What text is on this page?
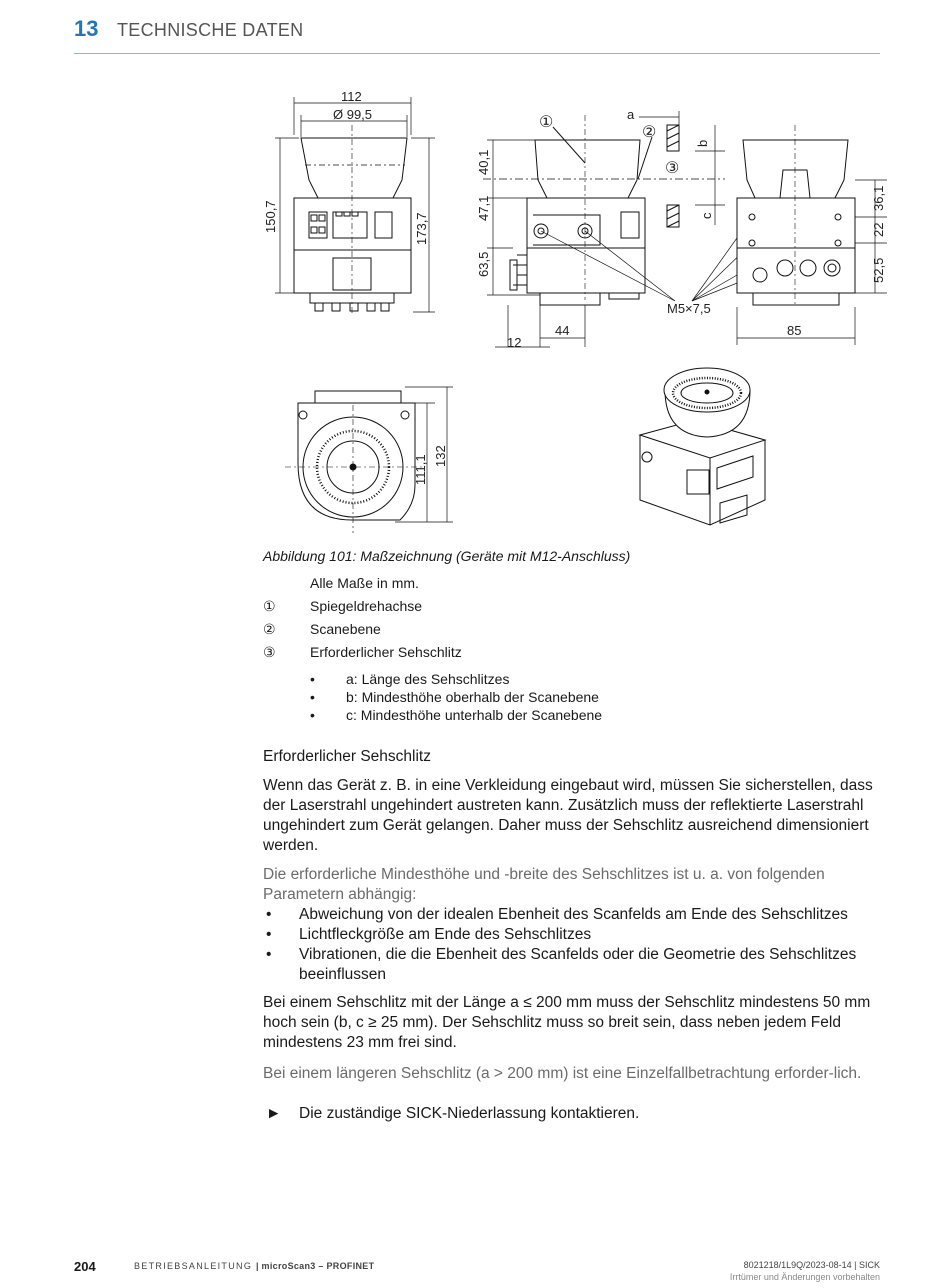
13 TECHNISCHE DATEN
112
Ø 99,5
150,7	173,7
40,1
47,1
63,5
12
44
a
b
c
M5×7,5
36,1
22
52,5
85
111,1 132
①
②
③
Abbildung 101: Maßzeichnung (Geräte mit M12-Anschluss)
Alle Maße in mm.
① Spiegeldrehachse
② Scanebene
③ Erforderlicher Sehschlitz
• a: Länge des Sehschlitzes
• b: Mindesthöhe oberhalb der Scanebene
• c: Mindesthöhe unterhalb der Scanebene
Erforderlicher Sehschlitz
Wenn das Gerät z. B. in eine Verkleidung eingebaut wird, müssen Sie sicherstellen, dass der Laserstrahl ungehindert austreten kann. Zusätzlich muss der reflektierte Laserstrahl ungehindert zum Gerät gelangen. Daher muss der Sehschlitz ausreichend dimensioniert werden.
Die erforderliche Mindesthöhe und -breite des Sehschlitzes ist u. a. von folgenden Parametern abhängig:
• Abweichung von der idealen Ebenheit des Scanfelds am Ende des Sehschlitzes
• Lichtfleckgröße am Ende des Sehschlitzes
• Vibrationen, die die Ebenheit des Scanfelds oder die Geometrie des Sehschlitzes beeinflussen
Bei einem Sehschlitz mit der Länge a ≤ 200 mm muss der Sehschlitz mindestens 50 mm hoch sein (b, c ≥ 25 mm). Der Sehschlitz muss so breit sein, dass neben jedem Feld mindestens 23 mm frei sind.
Bei einem längeren Sehschlitz (a > 200 mm) ist eine Einzelfallbetrachtung erforder-lich.
► Die zuständige SICK-Niederlassung kontaktieren.
204	BETRIEBSANLEITUNG | microScan3 – PROFINET	8021218/1L9Q/2023-08-14 | SICK
Irrtümer und Änderungen vorbehalten
